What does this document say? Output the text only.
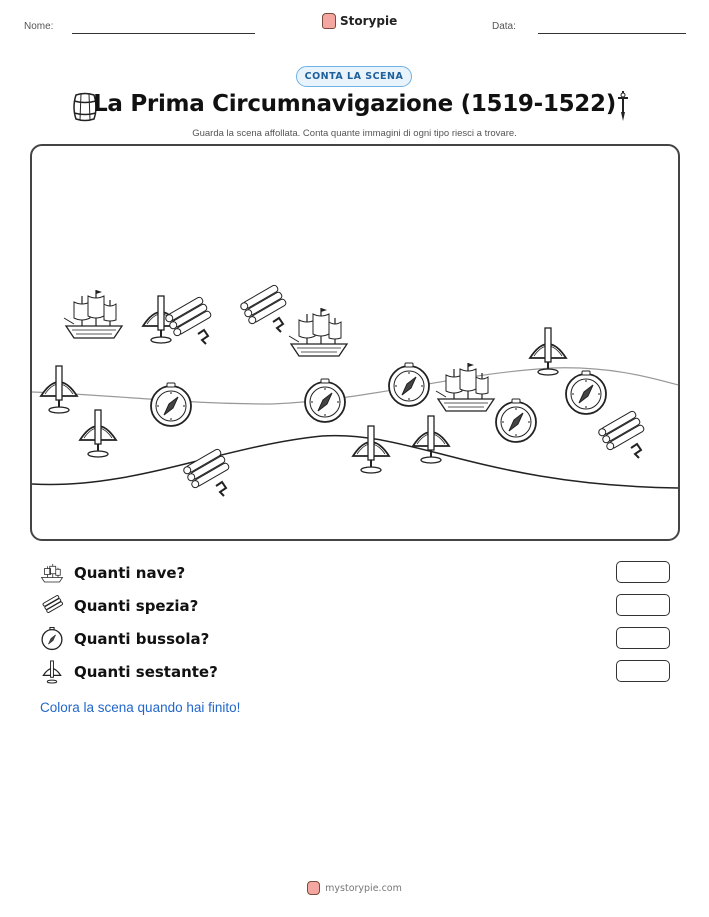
Nome:	Storypie	Data:
CONTA LA SCENA
La Prima Circumnavigazione (1519-1522)
Guarda la scena affollata. Conta quante immagini di ogni tipo riesci a trovare.
Quanti nave?
Quanti spezia?
Quanti bussola?
Quanti sestante?
Colora la scena quando hai finito!
mystorypie.com
